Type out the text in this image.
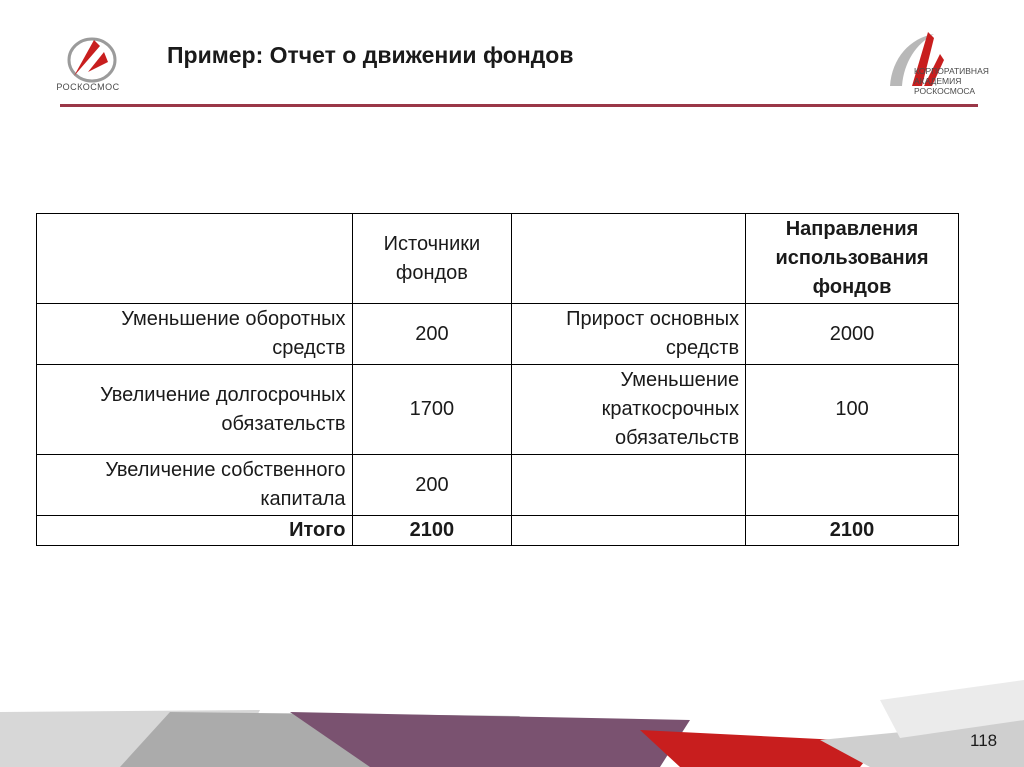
РОСКОСМОС
КОРПОРАТИВНАЯ
АКАДЕМИЯ
РОСКОСМОСА
Пример: Отчет о движении фондов
	Источники фондов		Направления использования фондов
Уменьшение оборотных средств	200	Прирост основных средств	2000
Увеличение долгосрочных обязательств	1700	Уменьшение краткосрочных обязательств	100
Увеличение собственного капитала	200		
Итого	2100		2100
118
